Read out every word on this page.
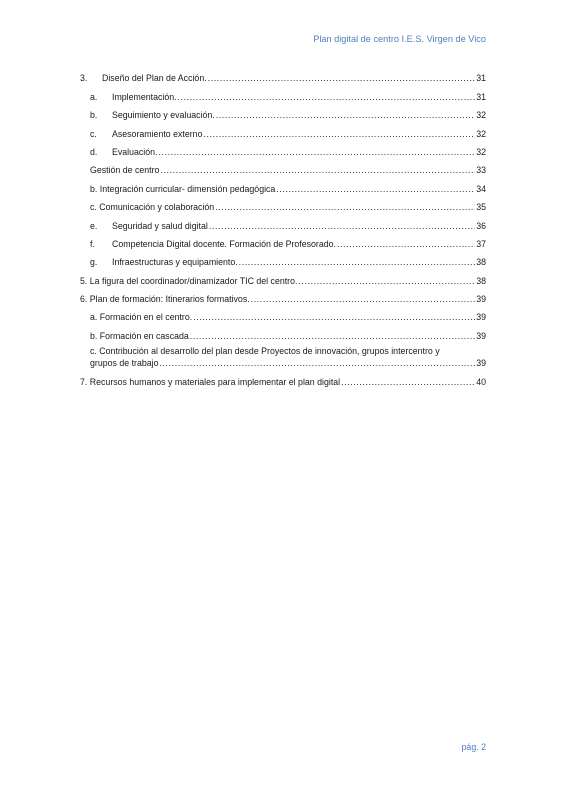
Plan digital de centro I.E.S. Virgen de Vico
3.	Diseño del Plan de Acción. .....	31
a.	Implementación. .....	31
b.	Seguimiento y evaluación. .....	32
c.	Asesoramiento externo .....	32
d.	Evaluación. .....	32
Gestión de centro .....	33
b. Integración curricular- dimensión pedagógica .....	34
c. Comunicación y colaboración .....	35
e.	Seguridad y salud digital .....	36
f.	Competencia Digital docente. Formación de Profesorado. .....	37
g.	Infraestructuras y equipamiento. .....	38
5. La figura del coordinador/dinamizador TIC del centro. .....	38
6. Plan de formación: Itinerarios formativos. .....	39
a. Formación en el centro. .....	39
b. Formación en cascada .....	39
c. Contribución al desarrollo del plan desde Proyectos de innovación, grupos intercentro y
grupos de trabajo .....	39
7. Recursos humanos y materiales para implementar el plan digital .....	40
pág. 2
